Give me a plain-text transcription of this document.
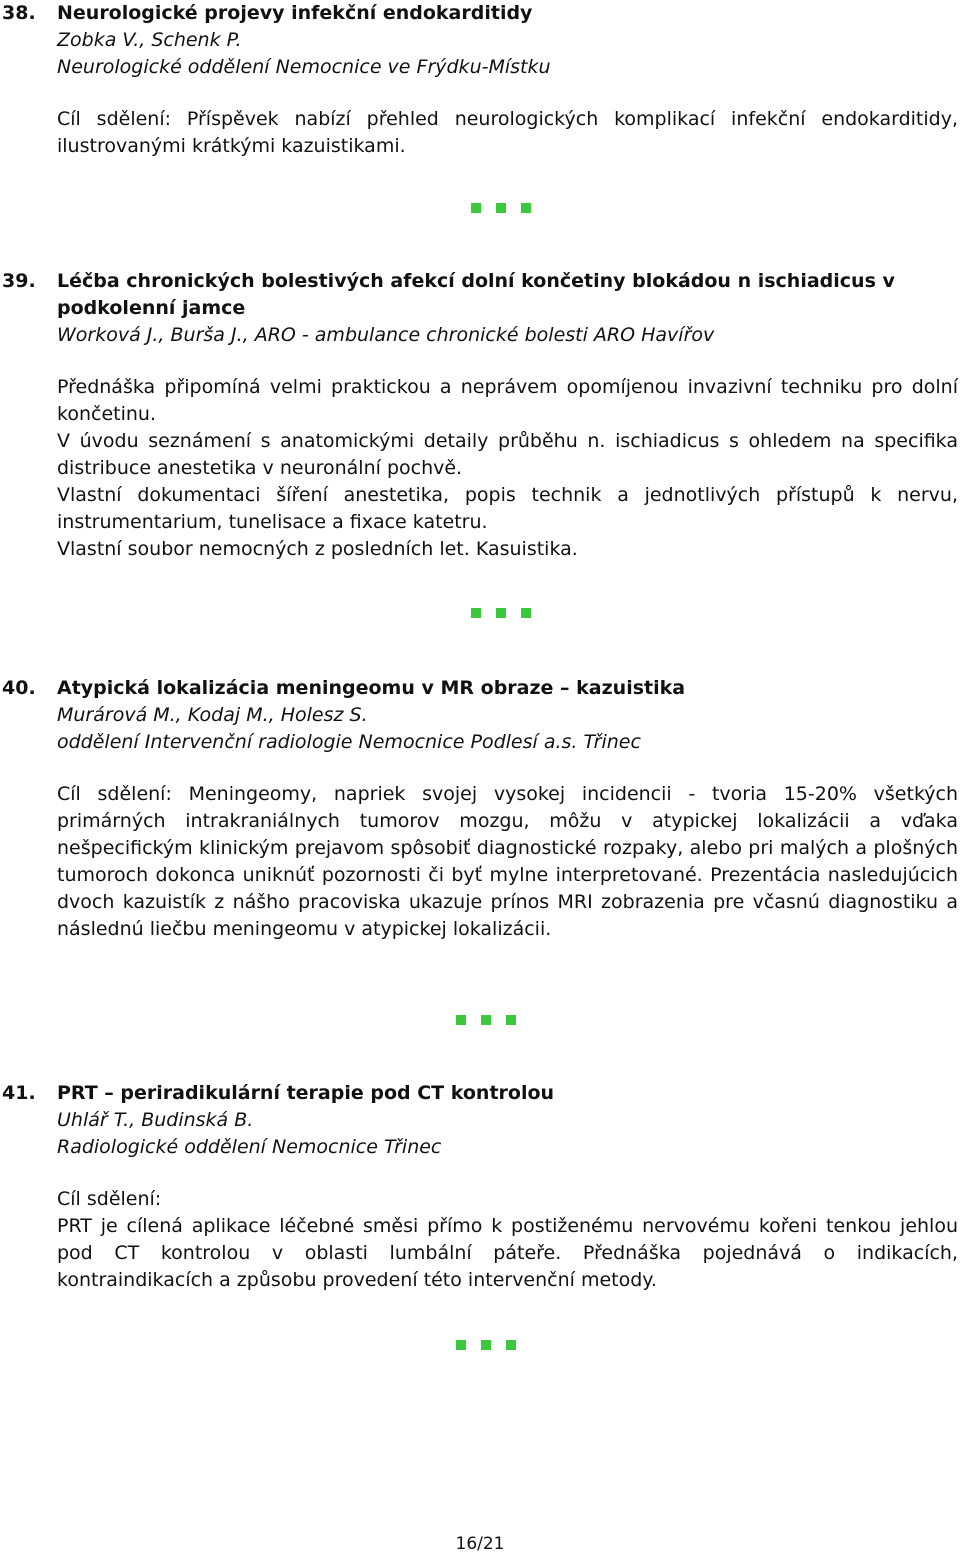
38. Neurologické projevy infekční endokarditidy
Zobka V., Schenk P.
Neurologické oddělení Nemocnice ve Frýdku-Místku
Cíl sdělení: Příspěvek nabízí přehled neurologických komplikací infekční endokarditidy, ilustrovanými krátkými kazuistikami.
39. Léčba chronických bolestivých afekcí dolní končetiny blokádou n ischiadicus v podkolenní jamce
Worková J., Burša J., ARO - ambulance chronické bolesti ARO Havířov
Přednáška připomíná velmi praktickou a neprávem opomíjenou invazivní techniku pro dolní končetinu.
V úvodu seznámení s anatomickými detaily průběhu n. ischiadicus s ohledem na specifika distribuce anestetika v neuronální pochvě.
Vlastní dokumentaci šíření anestetika, popis technik a jednotlivých přístupů k nervu, instrumentarium, tunelisace a fixace katetru.
Vlastní soubor nemocných z posledních let. Kasuistika.
40. Atypická lokalizácia meningeomu v MR obraze – kazuistika
Murárová M., Kodaj M., Holesz S.
oddělení Intervenční radiologie Nemocnice Podlesí a.s. Třinec
Cíl sdělení: Meningeomy, napriek svojej vysokej incidencii - tvoria 15-20% všetkých primárných intrakraniálnych tumorov mozgu, môžu v atypickej lokalizácii a vďaka nešpecifickým klinickým prejavom spôsobiť diagnostické rozpaky, alebo pri malých a plošných tumoroch dokonca uniknúť pozornosti či byť mylne interpretované. Prezentácia nasledujúcich dvoch kazuistík z nášho pracoviska ukazuje prínos MRI zobrazenia pre včasnú diagnostiku a následnú liečbu meningeomu v atypickej lokalizácii.
41. PRT – periradikulární terapie pod CT kontrolou
Uhlář T., Budinská B.
Radiologické oddělení Nemocnice Třinec
Cíl sdělení:
PRT je cílená aplikace léčebné směsi přímo k postiženému nervovému kořeni tenkou jehlou pod CT kontrolou v oblasti lumbální páteře. Přednáška pojednává o indikacích, kontraindikacích a způsobu provedení této intervenční metody.
16/21
